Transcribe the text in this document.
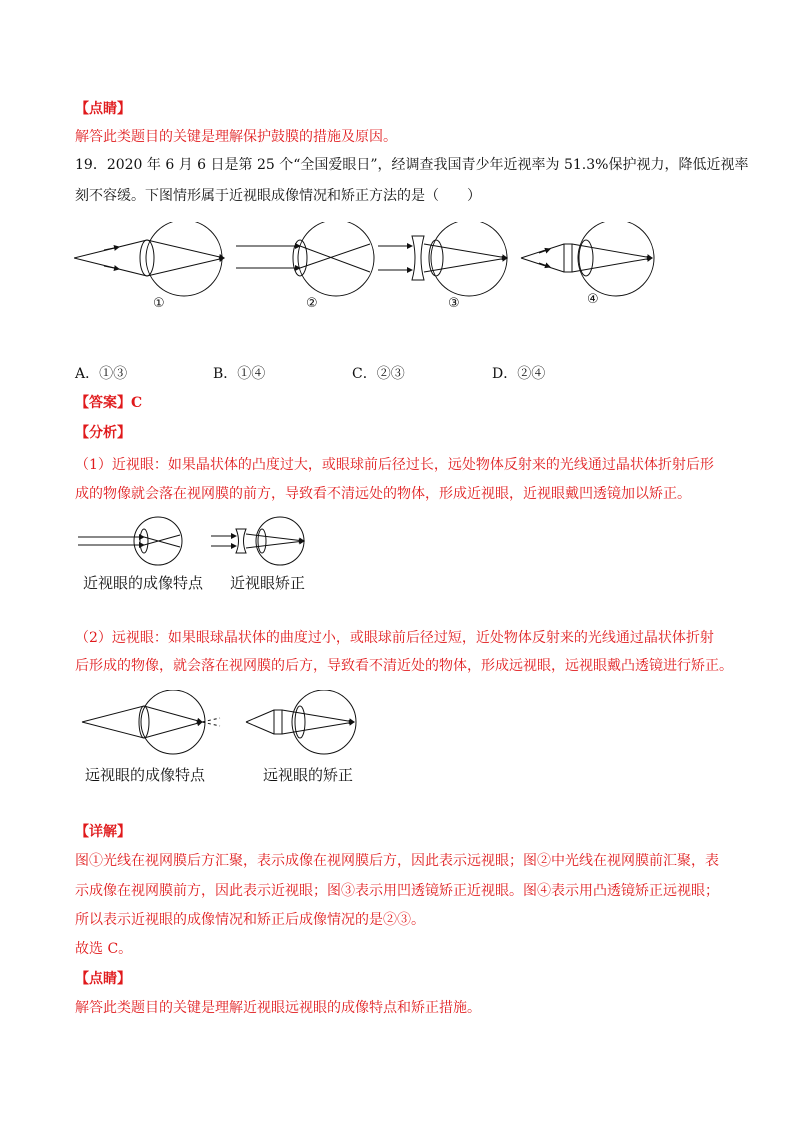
【点睛】
解答此类题目的关键是理解保护鼓膜的措施及原因。
19．2020 年 6 月 6 日是第 25 个“全国爱眼日”，经调查我国青少年近视率为 51.3%保护视力，降低近视率
刻不容缓。下图情形属于近视眼成像情况和矫正方法的是（　　）
①	②	③	④
A．①③	B．①④	C．②③	D．②④
【答案】C
【分析】
（1）近视眼：如果晶状体的凸度过大，或眼球前后径过长，远处物体反射来的光线通过晶状体折射后形
成的物像就会落在视网膜的前方，导致看不清远处的物体，形成近视眼，近视眼戴凹透镜加以矫正。
近视眼的成像特点 近视眼矫正
（2）远视眼：如果眼球晶状体的曲度过小，或眼球前后径过短，近处物体反射来的光线通过晶状体折射
后形成的物像，就会落在视网膜的后方，导致看不清近处的物体，形成远视眼，远视眼戴凸透镜进行矫正。
远视眼的成像特点	远视眼的矫正
【详解】
图①光线在视网膜后方汇聚，表示成像在视网膜后方，因此表示远视眼；图②中光线在视网膜前汇聚，表
示成像在视网膜前方，因此表示近视眼；图③表示用凹透镜矫正近视眼。图④表示用凸透镜矫正远视眼；
所以表示近视眼的成像情况和矫正后成像情况的是②③。
故选 C。
【点睛】
解答此类题目的关键是理解近视眼远视眼的成像特点和矫正措施。
